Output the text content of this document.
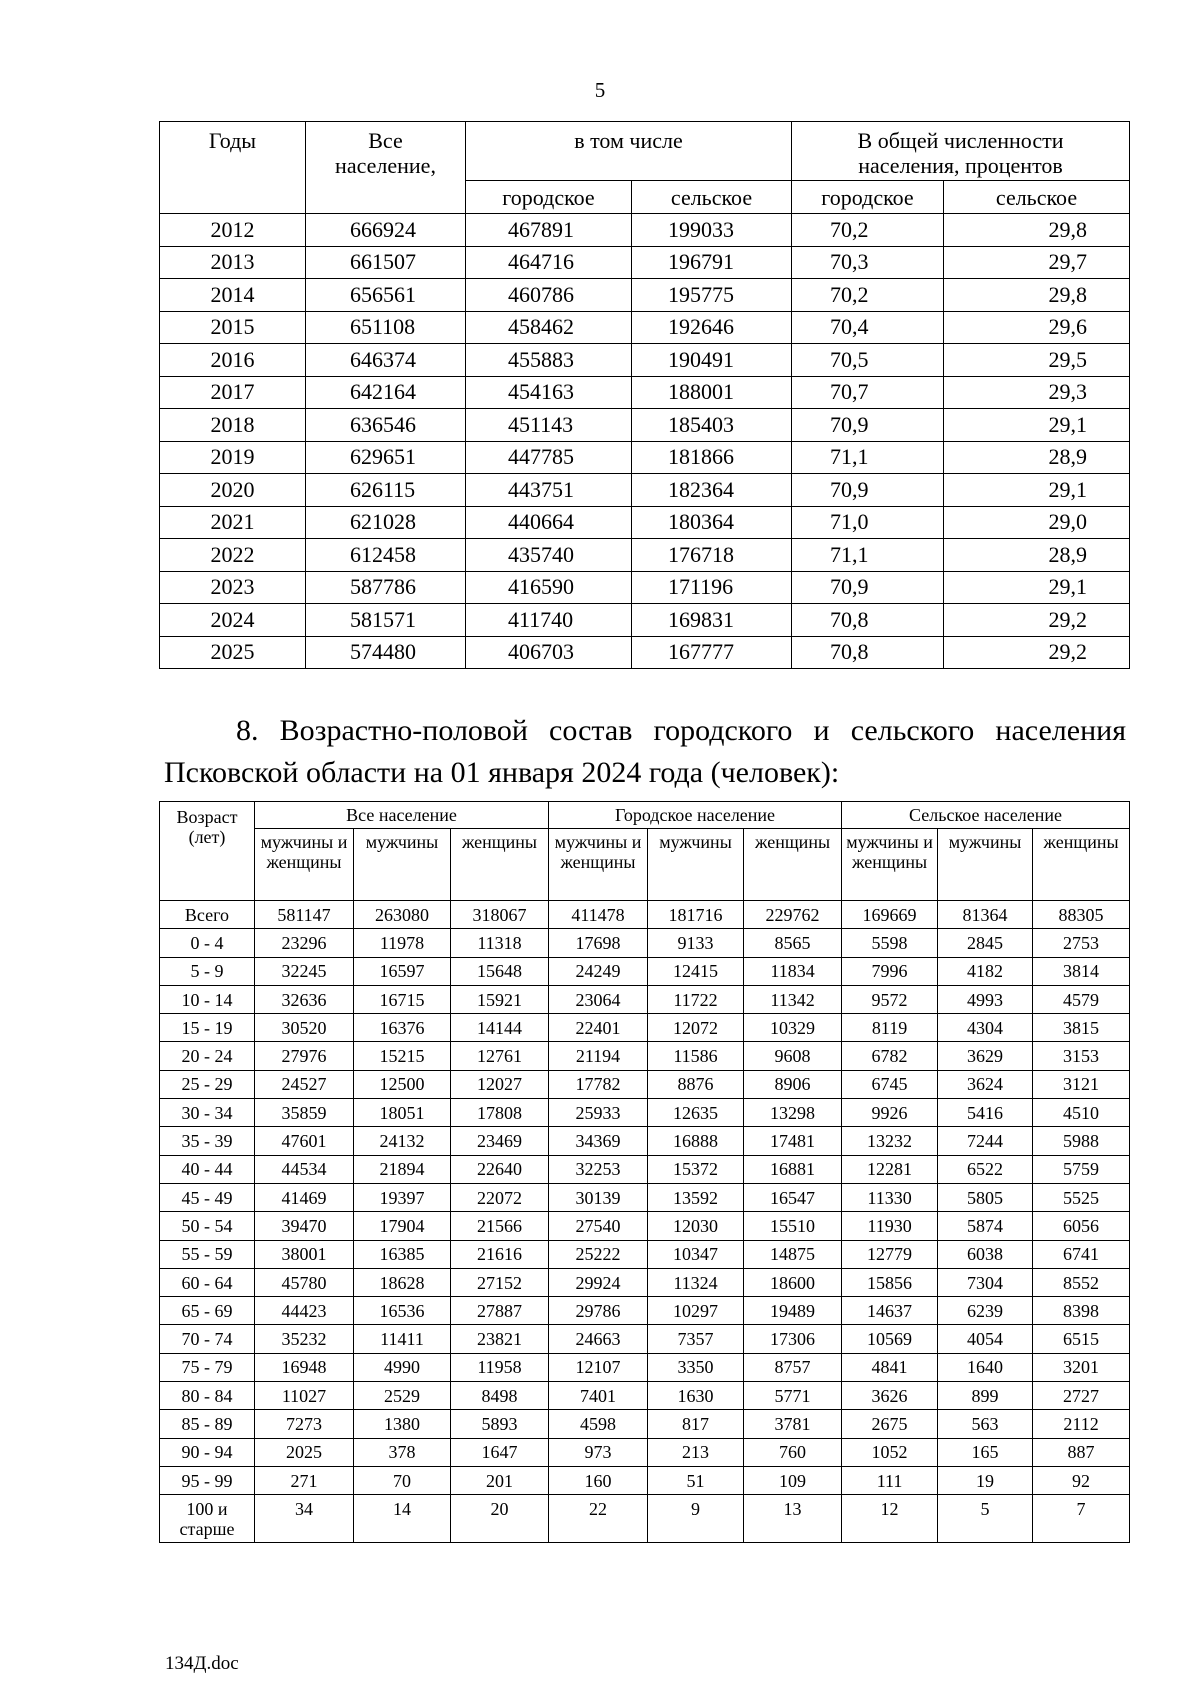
5
Годы	Все население,	в том числе		В общей численности населения, процентов	
		городское	сельское	городское	сельское
2012	666924	467891	199033	70,2	29,8
2013	661507	464716	196791	70,3	29,7
2014	656561	460786	195775	70,2	29,8
2015	651108	458462	192646	70,4	29,6
2016	646374	455883	190491	70,5	29,5
2017	642164	454163	188001	70,7	29,3
2018	636546	451143	185403	70,9	29,1
2019	629651	447785	181866	71,1	28,9
2020	626115	443751	182364	70,9	29,1
2021	621028	440664	180364	71,0	29,0
2022	612458	435740	176718	71,1	28,9
2023	587786	416590	171196	70,9	29,1
2024	581571	411740	169831	70,8	29,2
2025	574480	406703	167777	70,8	29,2
8. Возрастно-половой состав городского и сельского населения Псковской области на 01 января 2024 года (человек):
Возраст (лет)	Все население			Городское население			Сельское население		
	мужчины и женщины	мужчины	женщины	мужчины и женщины	мужчины	женщины	мужчины и женщины	мужчины	женщины
Всего	581147	263080	318067	411478	181716	229762	169669	81364	88305
0 - 4	23296	11978	11318	17698	9133	8565	5598	2845	2753
5 - 9	32245	16597	15648	24249	12415	11834	7996	4182	3814
10 - 14	32636	16715	15921	23064	11722	11342	9572	4993	4579
15 - 19	30520	16376	14144	22401	12072	10329	8119	4304	3815
20 - 24	27976	15215	12761	21194	11586	9608	6782	3629	3153
25 - 29	24527	12500	12027	17782	8876	8906	6745	3624	3121
30 - 34	35859	18051	17808	25933	12635	13298	9926	5416	4510
35 - 39	47601	24132	23469	34369	16888	17481	13232	7244	5988
40 - 44	44534	21894	22640	32253	15372	16881	12281	6522	5759
45 - 49	41469	19397	22072	30139	13592	16547	11330	5805	5525
50 - 54	39470	17904	21566	27540	12030	15510	11930	5874	6056
55 - 59	38001	16385	21616	25222	10347	14875	12779	6038	6741
60 - 64	45780	18628	27152	29924	11324	18600	15856	7304	8552
65 - 69	44423	16536	27887	29786	10297	19489	14637	6239	8398
70 - 74	35232	11411	23821	24663	7357	17306	10569	4054	6515
75 - 79	16948	4990	11958	12107	3350	8757	4841	1640	3201
80 - 84	11027	2529	8498	7401	1630	5771	3626	899	2727
85 - 89	7273	1380	5893	4598	817	3781	2675	563	2112
90 - 94	2025	378	1647	973	213	760	1052	165	887
95 - 99	271	70	201	160	51	109	111	19	92
100 и старше	34	14	20	22	9	13	12	5	7
134Д.doc
